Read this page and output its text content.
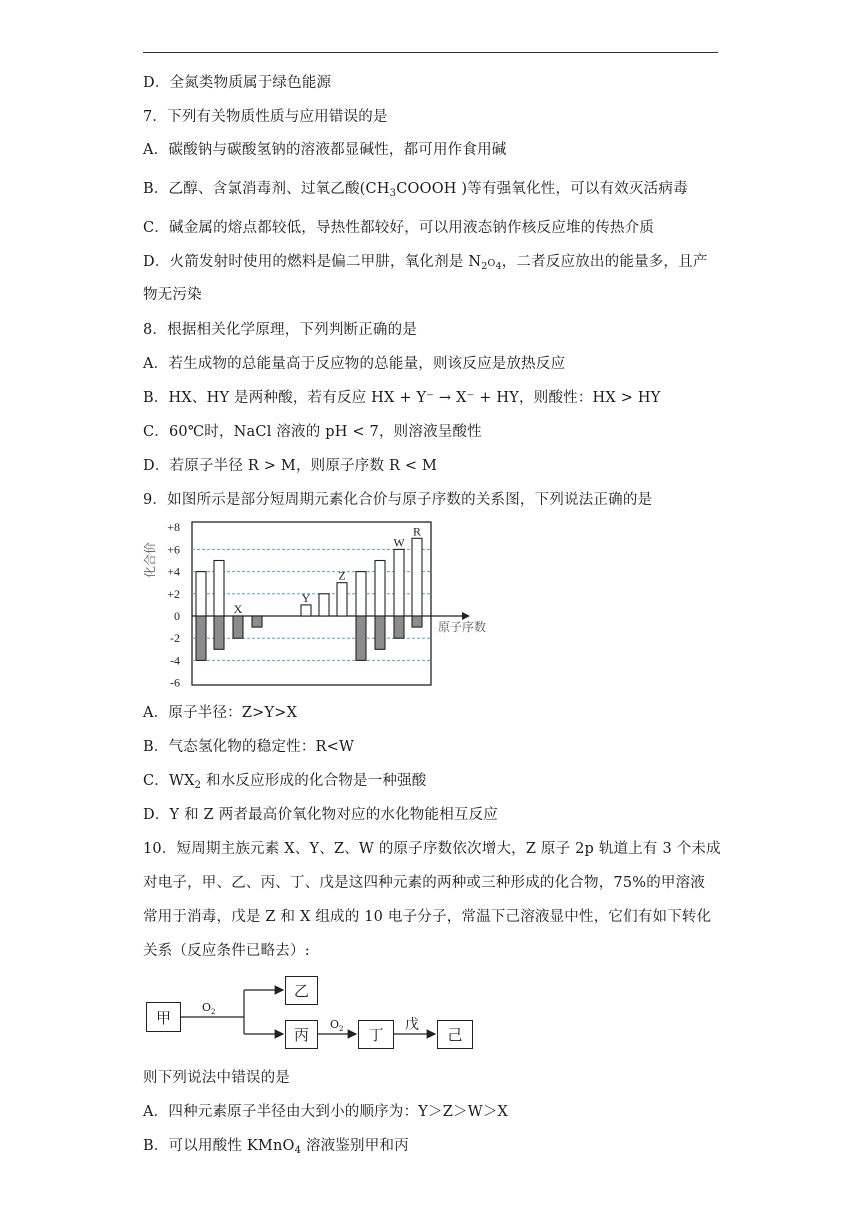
D．全氮类物质属于绿色能源
7．下列有关物质性质与应用错误的是
A．碳酸钠与碳酸氢钠的溶液都显碱性，都可用作食用碱
B．乙醇、含氯消毒剂、过氧乙酸($CH_3COOOH$ )等有强氧化性，可以有效灭活病毒
C．碱金属的熔点都较低，导热性都较好，可以用液态钠作核反应堆的传热介质
D．火箭发射时使用的燃料是偏二甲肼，氧化剂是 $N_2O_4$，二者反应放出的能量多，且产
物无污染
8．根据相关化学原理，下列判断正确的是
A．若生成物的总能量高于反应物的总能量，则该反应是放热反应
B．HX、HY 是两种酸，若有反应 HX + Y⁻ → X⁻ + HY，则酸性：HX > HY
C．60℃时，NaCl 溶液的 pH < 7，则溶液呈酸性
D．若原子半径 R > M，则原子序数 R < M
9．如图所示是部分短周期元素化合价与原子序数的关系图，下列说法正确的是
+8
+6
+4
+2
0
-2
-4
-6
化合价
原子序数
X
Y
Z
W
R
A．原子半径：Z>Y>X
B．气态氢化物的稳定性：R<W
C．$WX_2$ 和水反应形成的化合物是一种强酸
D．Y 和 Z 两者最高价氧化物对应的水化物能相互反应
10．短周期主族元素 X、Y、Z、W 的原子序数依次增大，Z 原子 2p 轨道上有 3 个未成
对电子，甲、乙、丙、丁、戊是这四种元素的两种或三种形成的化合物，75%的甲溶液
常用于消毒，戊是 Z 和 X 组成的 10 电子分子，常温下己溶液显中性，它们有如下转化
关系（反应条件已略去）:
甲
乙
丙	丁	己
$O_2$
$O_2$	戊
则下列说法中错误的是
A．四种元素原子半径由大到小的顺序为：Y＞Z＞W＞X
B．可以用酸性 KMnO$_4$ 溶液鉴别甲和丙
